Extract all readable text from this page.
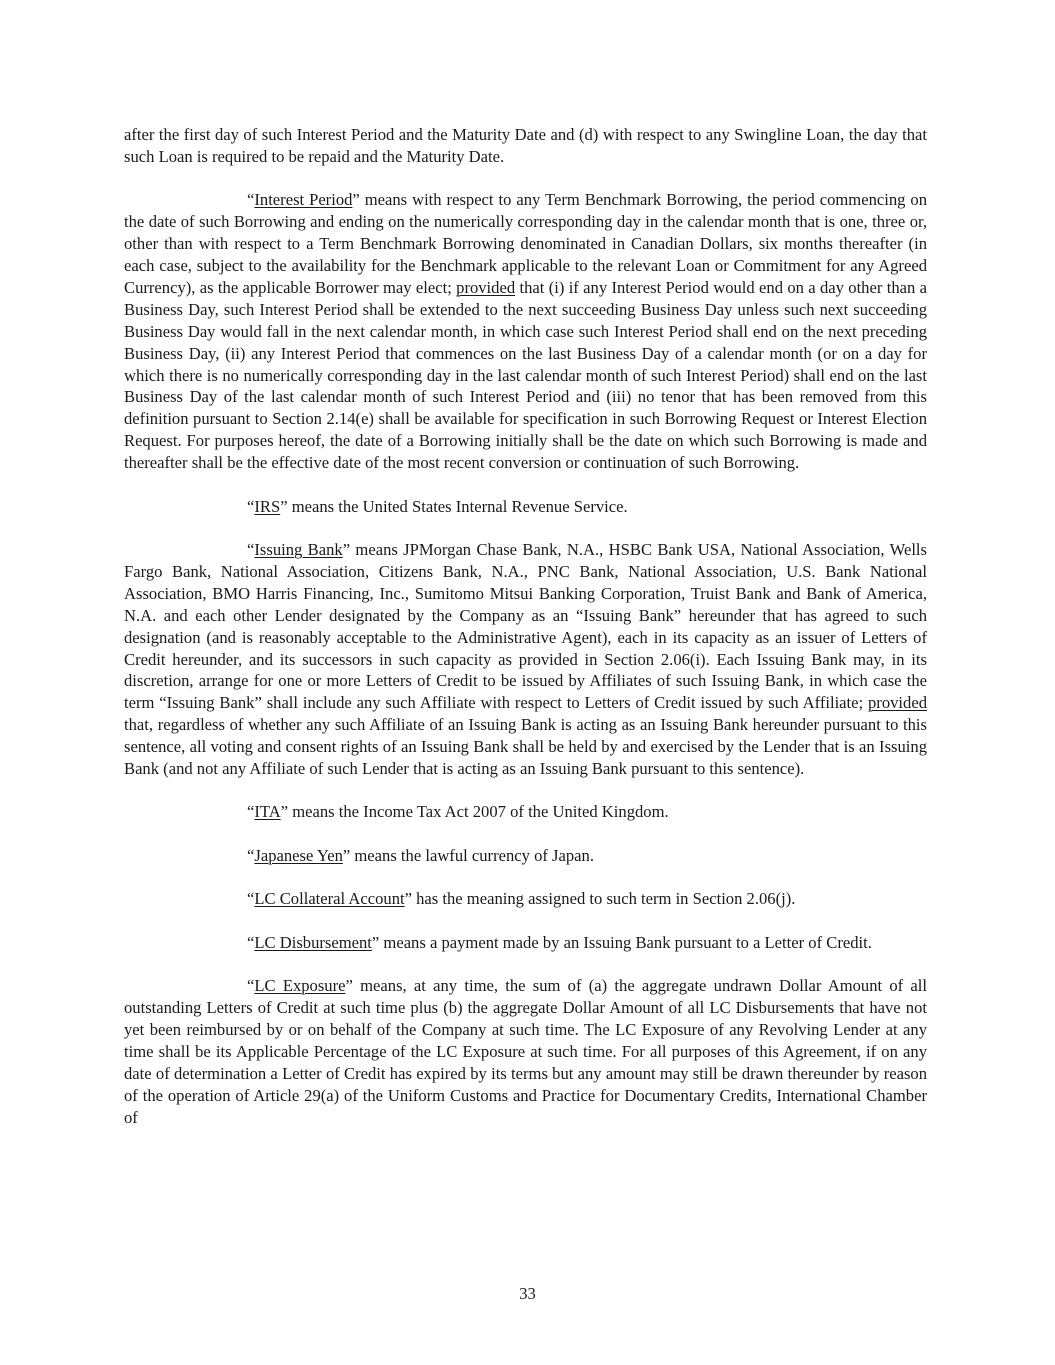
after the first day of such Interest Period and the Maturity Date and (d) with respect to any Swingline Loan, the day that such Loan is required to be repaid and the Maturity Date.

“Interest Period” means with respect to any Term Benchmark Borrowing, the period commencing on the date of such Borrowing and ending on the numerically corresponding day in the calendar month that is one, three or, other than with respect to a Term Benchmark Borrowing denominated in Canadian Dollars, six months thereafter (in each case, subject to the availability for the Benchmark applicable to the relevant Loan or Commitment for any Agreed Currency), as the applicable Borrower may elect; provided that (i) if any Interest Period would end on a day other than a Business Day, such Interest Period shall be extended to the next succeeding Business Day unless such next succeeding Business Day would fall in the next calendar month, in which case such Interest Period shall end on the next preceding Business Day, (ii) any Interest Period that commences on the last Business Day of a calendar month (or on a day for which there is no numerically corresponding day in the last calendar month of such Interest Period) shall end on the last Business Day of the last calendar month of such Interest Period and (iii) no tenor that has been removed from this definition pursuant to Section 2.14(e) shall be available for specification in such Borrowing Request or Interest Election Request. For purposes hereof, the date of a Borrowing initially shall be the date on which such Borrowing is made and thereafter shall be the effective date of the most recent conversion or continuation of such Borrowing.

“IRS” means the United States Internal Revenue Service.

“Issuing Bank” means JPMorgan Chase Bank, N.A., HSBC Bank USA, National Association, Wells Fargo Bank, National Association, Citizens Bank, N.A., PNC Bank, National Association, U.S. Bank National Association, BMO Harris Financing, Inc., Sumitomo Mitsui Banking Corporation, Truist Bank and Bank of America, N.A. and each other Lender designated by the Company as an “Issuing Bank” hereunder that has agreed to such designation (and is reasonably acceptable to the Administrative Agent), each in its capacity as an issuer of Letters of Credit hereunder, and its successors in such capacity as provided in Section 2.06(i). Each Issuing Bank may, in its discretion, arrange for one or more Letters of Credit to be issued by Affiliates of such Issuing Bank, in which case the term “Issuing Bank” shall include any such Affiliate with respect to Letters of Credit issued by such Affiliate; provided that, regardless of whether any such Affiliate of an Issuing Bank is acting as an Issuing Bank hereunder pursuant to this sentence, all voting and consent rights of an Issuing Bank shall be held by and exercised by the Lender that is an Issuing Bank (and not any Affiliate of such Lender that is acting as an Issuing Bank pursuant to this sentence).

“ITA” means the Income Tax Act 2007 of the United Kingdom.

“Japanese Yen” means the lawful currency of Japan.

“LC Collateral Account” has the meaning assigned to such term in Section 2.06(j).

“LC Disbursement” means a payment made by an Issuing Bank pursuant to a Letter of Credit.

“LC Exposure” means, at any time, the sum of (a) the aggregate undrawn Dollar Amount of all outstanding Letters of Credit at such time plus (b) the aggregate Dollar Amount of all LC Disbursements that have not yet been reimbursed by or on behalf of the Company at such time. The LC Exposure of any Revolving Lender at any time shall be its Applicable Percentage of the LC Exposure at such time. For all purposes of this Agreement, if on any date of determination a Letter of Credit has expired by its terms but any amount may still be drawn thereunder by reason of the operation of Article 29(a) of the Uniform Customs and Practice for Documentary Credits, International Chamber of

33
